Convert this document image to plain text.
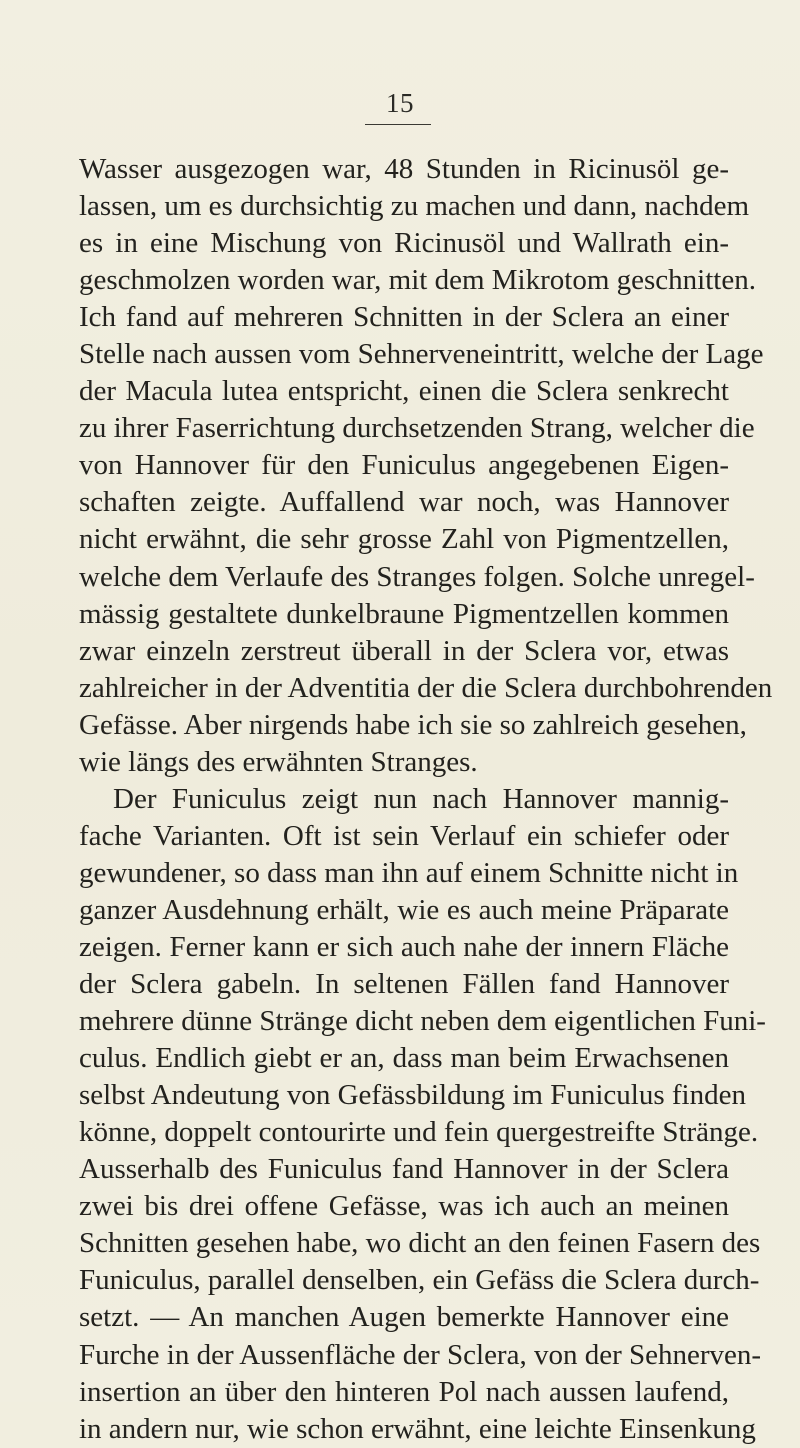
15
Wasser ausgezogen war, 48 Stunden in Ricinusöl ge-
lassen, um es durchsichtig zu machen und dann, nachdem
es in eine Mischung von Ricinusöl und Wallrath ein-
geschmolzen worden war, mit dem Mikrotom geschnitten.
Ich fand auf mehreren Schnitten in der Sclera an einer
Stelle nach aussen vom Sehnerveneintritt, welche der Lage
der Macula lutea entspricht, einen die Sclera senkrecht
zu ihrer Faserrichtung durchsetzenden Strang, welcher die
von Hannover für den Funiculus angegebenen Eigen-
schaften zeigte. Auffallend war noch, was Hannover
nicht erwähnt, die sehr grosse Zahl von Pigmentzellen,
welche dem Verlaufe des Stranges folgen. Solche unregel-
mässig gestaltete dunkelbraune Pigmentzellen kommen
zwar einzeln zerstreut überall in der Sclera vor, etwas
zahlreicher in der Adventitia der die Sclera durchbohrenden
Gefässe. Aber nirgends habe ich sie so zahlreich gesehen,
wie längs des erwähnten Stranges.
Der Funiculus zeigt nun nach Hannover mannig-
fache Varianten. Oft ist sein Verlauf ein schiefer oder
gewundener, so dass man ihn auf einem Schnitte nicht in
ganzer Ausdehnung erhält, wie es auch meine Präparate
zeigen. Ferner kann er sich auch nahe der innern Fläche
der Sclera gabeln. In seltenen Fällen fand Hannover
mehrere dünne Stränge dicht neben dem eigentlichen Funi-
culus. Endlich giebt er an, dass man beim Erwachsenen
selbst Andeutung von Gefässbildung im Funiculus finden
könne, doppelt contourirte und fein quergestreifte Stränge.
Ausserhalb des Funiculus fand Hannover in der Sclera
zwei bis drei offene Gefässe, was ich auch an meinen
Schnitten gesehen habe, wo dicht an den feinen Fasern des
Funiculus, parallel denselben, ein Gefäss die Sclera durch-
setzt. — An manchen Augen bemerkte Hannover eine
Furche in der Aussenfläche der Sclera, von der Sehnerven-
insertion an über den hinteren Pol nach aussen laufend,
in andern nur, wie schon erwähnt, eine leichte Einsenkung
